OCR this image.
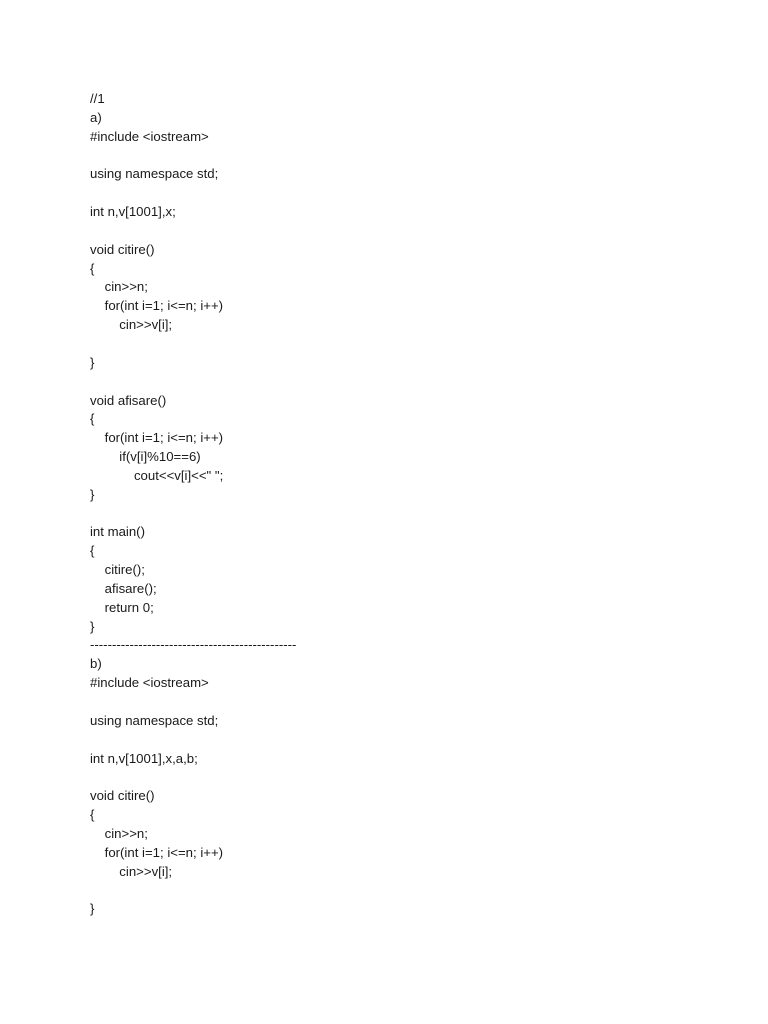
//1
a)
#include <iostream>
using namespace std;
int n,v[1001],x;
void citire()
{
cin>>n;
for(int i=1; i<=n; i++)
cin>>v[i];
}
void afisare()
{
for(int i=1; i<=n; i++)
if(v[i]%10==6)
cout<<v[i]<<" ";
}
int main()
{
citire();
afisare();
return 0;
}
-----------------------------------------------
b)
#include <iostream>
using namespace std;
int n,v[1001],x,a,b;
void citire()
{
cin>>n;
for(int i=1; i<=n; i++)
cin>>v[i];
}
